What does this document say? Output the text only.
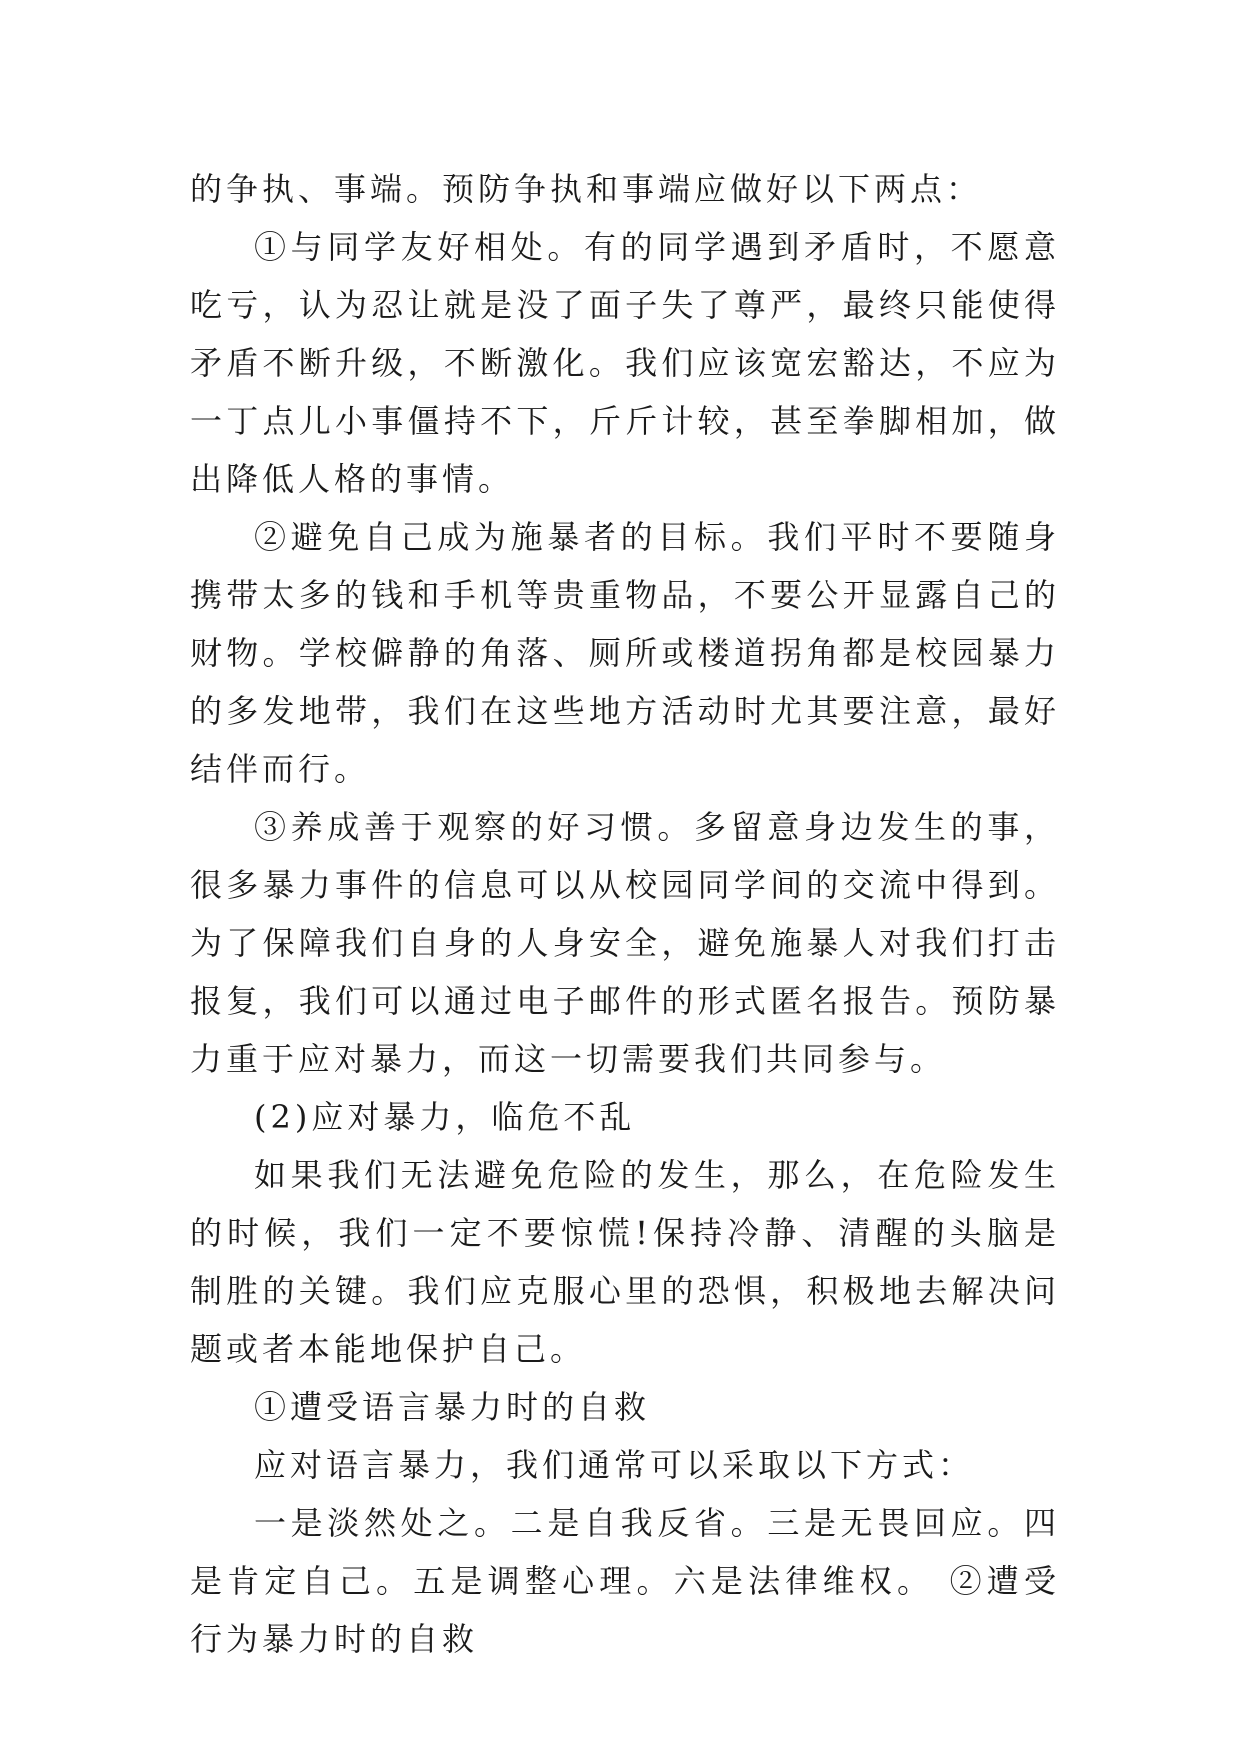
的争执、事端。预防争执和事端应做好以下两点：

①与同学友好相处。有的同学遇到矛盾时，不愿意吃亏，认为忍让就是没了面子失了尊严，最终只能使得矛盾不断升级，不断激化。我们应该宽宏豁达，不应为一丁点儿小事僵持不下，斤斤计较，甚至拳脚相加，做出降低人格的事情。

②避免自己成为施暴者的目标。我们平时不要随身携带太多的钱和手机等贵重物品，不要公开显露自己的财物。学校僻静的角落、厕所或楼道拐角都是校园暴力的多发地带，我们在这些地方活动时尤其要注意，最好结伴而行。

③养成善于观察的好习惯。多留意身边发生的事，很多暴力事件的信息可以从校园同学间的交流中得到。为了保障我们自身的人身安全，避免施暴人对我们打击报复，我们可以通过电子邮件的形式匿名报告。预防暴力重于应对暴力，而这一切需要我们共同参与。

(2)应对暴力，临危不乱

如果我们无法避免危险的发生，那么，在危险发生的时候，我们一定不要惊慌!保持冷静、清醒的头脑是制胜的关键。我们应克服心里的恐惧，积极地去解决问题或者本能地保护自己。

①遭受语言暴力时的自救

应对语言暴力，我们通常可以采取以下方式：

一是淡然处之。二是自我反省。三是无畏回应。四是肯定自己。五是调整心理。六是法律维权。 ②遭受行为暴力时的自救
